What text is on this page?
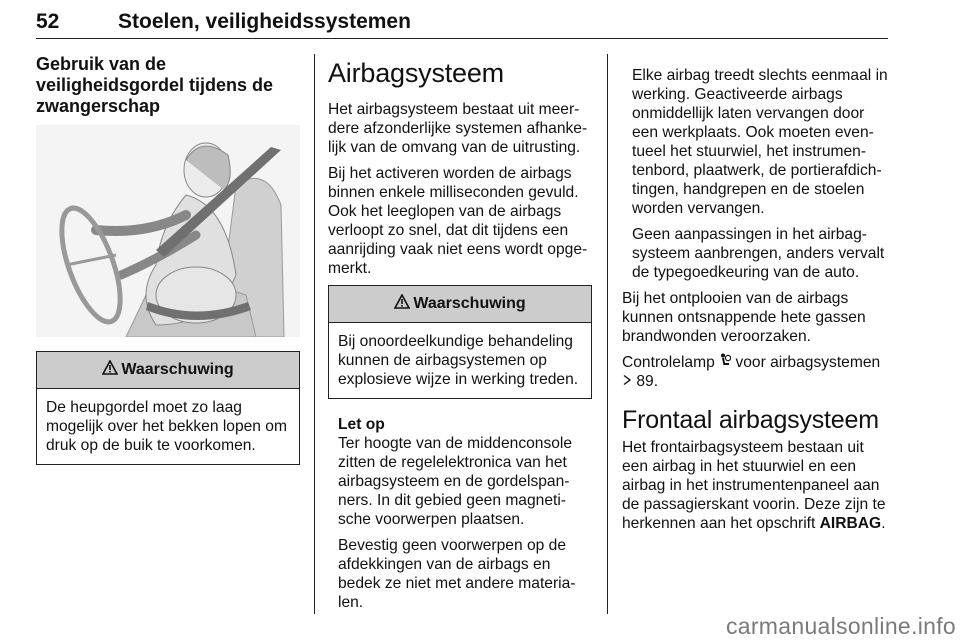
52	Stoelen, veiligheidssystemen
Gebruik van de veiligheidsgordel tijdens de zwangerschap
Waarschuwing
De heupgordel moet zo laag mogelijk over het bekken lopen om druk op de buik te voorkomen.
Airbagsysteem

Het airbagsysteem bestaat uit meer-dere afzonderlijke systemen afhanke-lijk van de omvang van de uitrusting.

Bij het activeren worden de airbags binnen enkele milliseconden gevuld. Ook het leeglopen van de airbags verloopt zo snel, dat dit tijdens een aanrijding vaak niet eens wordt opge-merkt.

Waarschuwing
Bij onoordeelkundige behandeling kunnen de airbagsystemen op explosieve wijze in werking treden.

Let op

Ter hoogte van de middenconsole zitten de regelelektronica van het airbagsysteem en de gordelspan-ners. In dit gebied geen magneti-sche voorwerpen plaatsen.

Bevestig geen voorwerpen op de afdekkingen van de airbags en bedek ze niet met andere materia-len.

Elke airbag treedt slechts eenmaal in werking. Geactiveerde airbags onmiddellijk laten vervangen door een werkplaats. Ook moeten even-tueel het stuurwiel, het instrumen-tenbord, plaatwerk, de portierafdich-tingen, handgrepen en de stoelen worden vervangen.

Geen aanpassingen in het airbag-systeem aanbrengen, anders vervalt de typegoedkeuring van de auto.

Bij het ontplooien van de airbags kunnen ontsnappende hete gassen brandwonden veroorzaken.

Controlelamp voor airbagsystemen
89.

Frontaal airbagsysteem

Het frontairbagsysteem bestaan uit een airbag in het stuurwiel en een airbag in het instrumentenpaneel aan de passagierskant voorin. Deze zijn te herkennen aan het opschrift AIRBAG.

carmanualsonline.info
